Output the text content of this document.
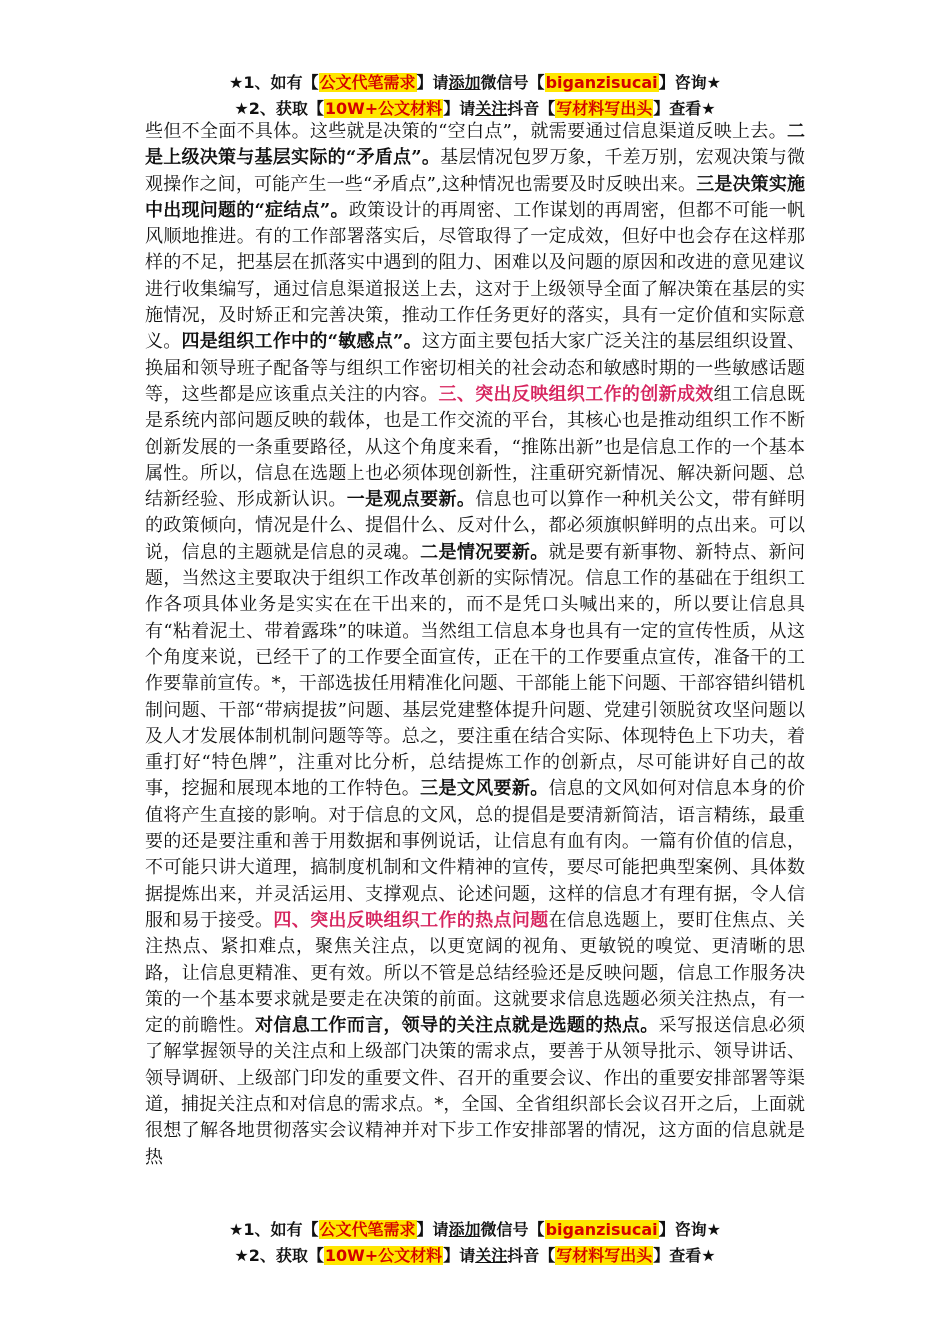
★1、如有【公文代笔需求】请添加微信号【biganzisucai】咨询★
★2、获取【10W+公文材料】请关注抖音【写材料写出头】查看★
些但不全面不具体。这些就是决策的“空白点”，就需要通过信息渠道反映上去。二是上级决策与基层实际的“矛盾点”。基层情况包罗万象，千差万别，宏观决策与微观操作之间，可能产生一些“矛盾点”,这种情况也需要及时反映出来。三是决策实施中出现问题的“症结点”。政策设计的再周密、工作谋划的再周密，但都不可能一帆风顺地推进。有的工作部署落实后，尽管取得了一定成效，但好中也会存在这样那样的不足，把基层在抓落实中遇到的阻力、困难以及问题的原因和改进的意见建议进行收集编写，通过信息渠道报送上去，这对于上级领导全面了解决策在基层的实施情况，及时矫正和完善决策，推动工作任务更好的落实，具有一定价值和实际意义。四是组织工作中的“敏感点”。这方面主要包括大家广泛关注的基层组织设置、换届和领导班子配备等与组织工作密切相关的社会动态和敏感时期的一些敏感话题等，这些都是应该重点关注的内容。三、突出反映组织工作的创新成效组工信息既是系统内部问题反映的载体，也是工作交流的平台，其核心也是推动组织工作不断创新发展的一条重要路径，从这个角度来看，“推陈出新”也是信息工作的一个基本属性。所以，信息在选题上也必须体现创新性，注重研究新情况、解决新问题、总结新经验、形成新认识。一是观点要新。信息也可以算作一种机关公文，带有鲜明的政策倾向，情况是什么、提倡什么、反对什么，都必须旗帜鲜明的点出来。可以说，信息的主题就是信息的灵魂。二是情况要新。就是要有新事物、新特点、新问题，当然这主要取决于组织工作改革创新的实际情况。信息工作的基础在于组织工作各项具体业务是实实在在干出来的，而不是凭口头喊出来的，所以要让信息具有“粘着泥土、带着露珠”的味道。当然组工信息本身也具有一定的宣传性质，从这个角度来说，已经干了的工作要全面宣传，正在干的工作要重点宣传，准备干的工作要靠前宣传。*，干部选拔任用精准化问题、干部能上能下问题、干部容错纠错机制问题、干部“带病提拔”问题、基层党建整体提升问题、党建引领脱贫攻坚问题以及人才发展体制机制问题等等。总之，要注重在结合实际、体现特色上下功夫，着重打好“特色牌”，注重对比分析，总结提炼工作的创新点，尽可能讲好自己的故事，挖掘和展现本地的工作特色。三是文风要新。信息的文风如何对信息本身的价值将产生直接的影响。对于信息的文风，总的提倡是要清新简洁，语言精练，最重要的还是要注重和善于用数据和事例说话，让信息有血有肉。一篇有价值的信息，不可能只讲大道理，搞制度机制和文件精神的宣传，要尽可能把典型案例、具体数据提炼出来，并灵活运用、支撑观点、论述问题，这样的信息才有理有据，令人信服和易于接受。四、突出反映组织工作的热点问题在信息选题上，要盯住焦点、关注热点、紧扣难点，聚焦关注点，以更宽阔的视角、更敏锐的嗅觉、更清晰的思路，让信息更精准、更有效。所以不管是总结经验还是反映问题，信息工作服务决策的一个基本要求就是要走在决策的前面。这就要求信息选题必须关注热点，有一定的前瞻性。对信息工作而言，领导的关注点就是选题的热点。采写报送信息必须了解掌握领导的关注点和上级部门决策的需求点，要善于从领导批示、领导讲话、领导调研、上级部门印发的重要文件、召开的重要会议、作出的重要安排部署等渠道，捕捉关注点和对信息的需求点。*，全国、全省组织部长会议召开之后，上面就很想了解各地贯彻落实会议精神并对下步工作安排部署的情况，这方面的信息就是热
★1、如有【公文代笔需求】请添加微信号【biganzisucai】咨询★
★2、获取【10W+公文材料】请关注抖音【写材料写出头】查看★
